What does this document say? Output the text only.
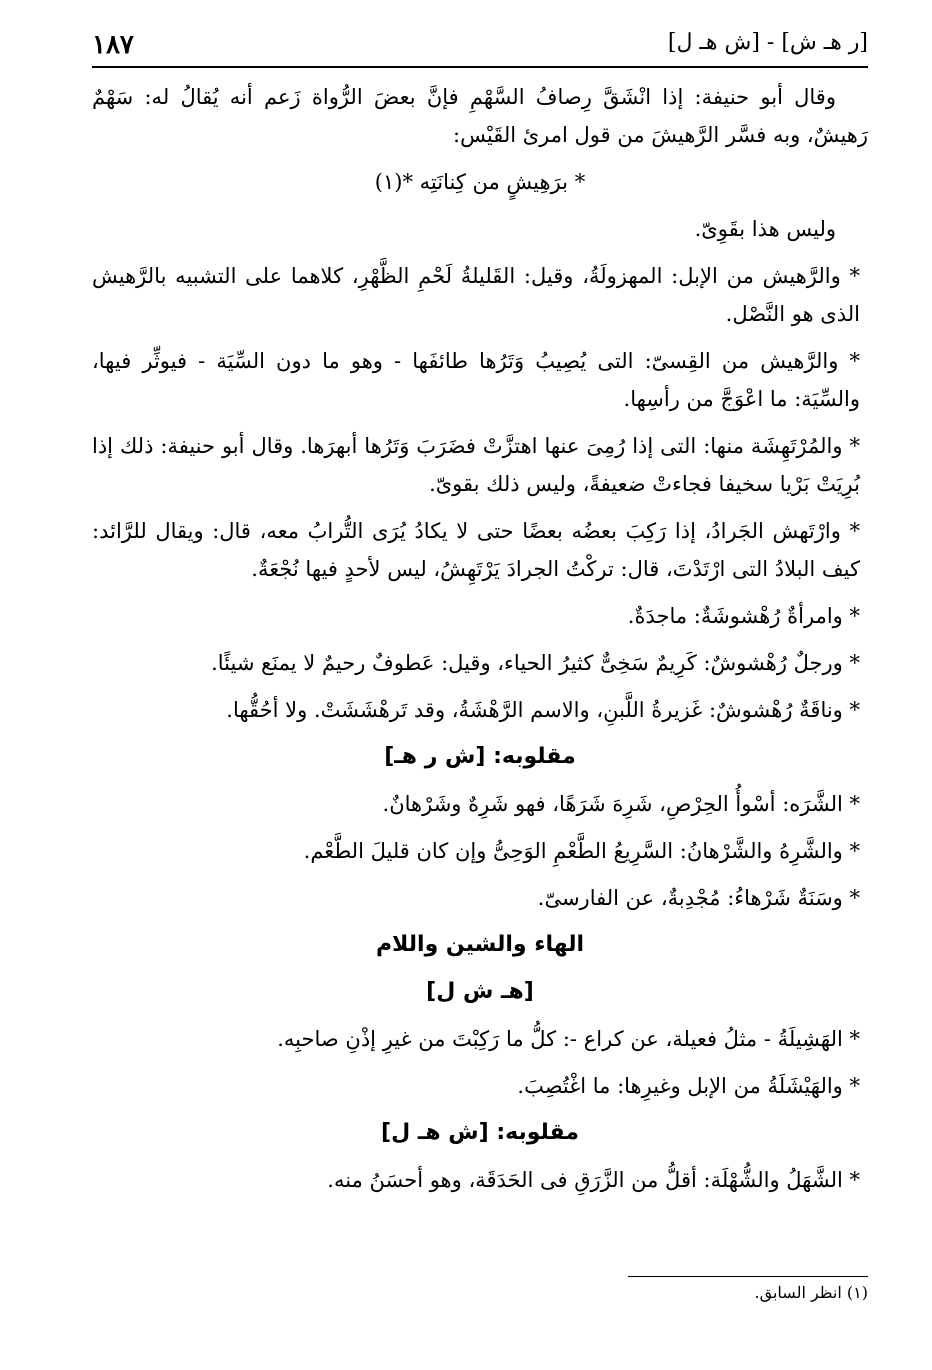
[ر هـ ش] - [ش هـ ل]
١٨٧

وقال أبو حنيفة: إذا انْشَقَّ رِصافُ السَّهْمِ فإنَّ بعضَ الرُّواة زَعم أنه يُقالُ له: سَهْمٌ رَهيشٌ، وبه فسَّر الرَّهيشَ من قول امرئ القَيْس:

* برَهِيشٍ من كِنانَتِه *(١)

وليس هذا بقَوِىّ.

* والرَّهيش من الإبل: المهزولَةُ، وقيل: القَليلةُ لَحْمِ الظَّهْرِ، كلاهما على التشبيه بالرَّهيش الذى هو النَّصْل.

* والرَّهيش من القِسىّ: التى يُصِيبُ وَتَرُها طائفَها - وهو ما دون السِّيَة - فيوثِّر فيها، والسِّيَة: ما اعْوَجَّ من رأسِها.

* والمُرْتَهِشَة منها: التى إذا رُمِىَ عنها اهتزَّتْ فضَرَبَ وَتَرُها أبهرَها. وقال أبو حنيفة: ذلك إذا بُرِيَتْ بَرْيا سخيفا فجاءتْ ضعيفةً، وليس ذلك بقوىّ.

* وارْتَهش الجَرادُ، إذا رَكِبَ بعضُه بعضًا حتى لا يكادُ يُرَى التُّرابُ معه، قال: ويقال للرَّائد: كيف البلادُ التى ارْتَدْتَ، قال: تركْتُ الجرادَ يَرْتَهِشُ، ليس لأحدٍ فيها نُجْعَةٌ.

* وامرأةٌ رُهْشوشَةٌ: ماجدَةٌ.

* ورجلٌ رُهْشوشٌ: كَرِيمٌ سَخِىٌّ كثيرُ الحياء، وقيل: عَطوفٌ رحيمٌ لا يمنَع شيئًا.

* وناقَةٌ رُهْشوشٌ: غَزيرةُ اللَّبنِ، والاسم الرَّهْشَةُ، وقد تَرهْشَشَتْ. ولا أحُقُّها.

مقلوبه: [ش ر هـ]

* الشَّرَه: أسْوأُ الحِرْصِ، شَرِهَ شَرَهًا، فهو شَرِهٌ وشَرْهانٌ.

* والشَّرِهُ والشَّرْهانُ: السَّرِيعُ الطَّعْمِ الوَحِىُّ وإن كان قليلَ الطَّعْم.

* وسَنَةٌ شَرْهاءُ: مُجْدِبةٌ، عن الفارسىّ.

الهاء والشين واللام

[هـ ش ل]

* الهَشِيلَةُ - مثلُ فعيلة، عن كراع -: كلُّ ما رَكِبْتَ من غيرِ إذْنِ صاحبِه.

* والهَيْشَلَةُ من الإبل وغيرِها: ما اغْتُصِبَ.

مقلوبه: [ش هـ ل]

* الشَّهَلُ والشُّهْلَة: أقلُّ من الزَّرَقِ فى الحَدَقَة، وهو أحسَنُ منه.

(١) انظر السابق.
